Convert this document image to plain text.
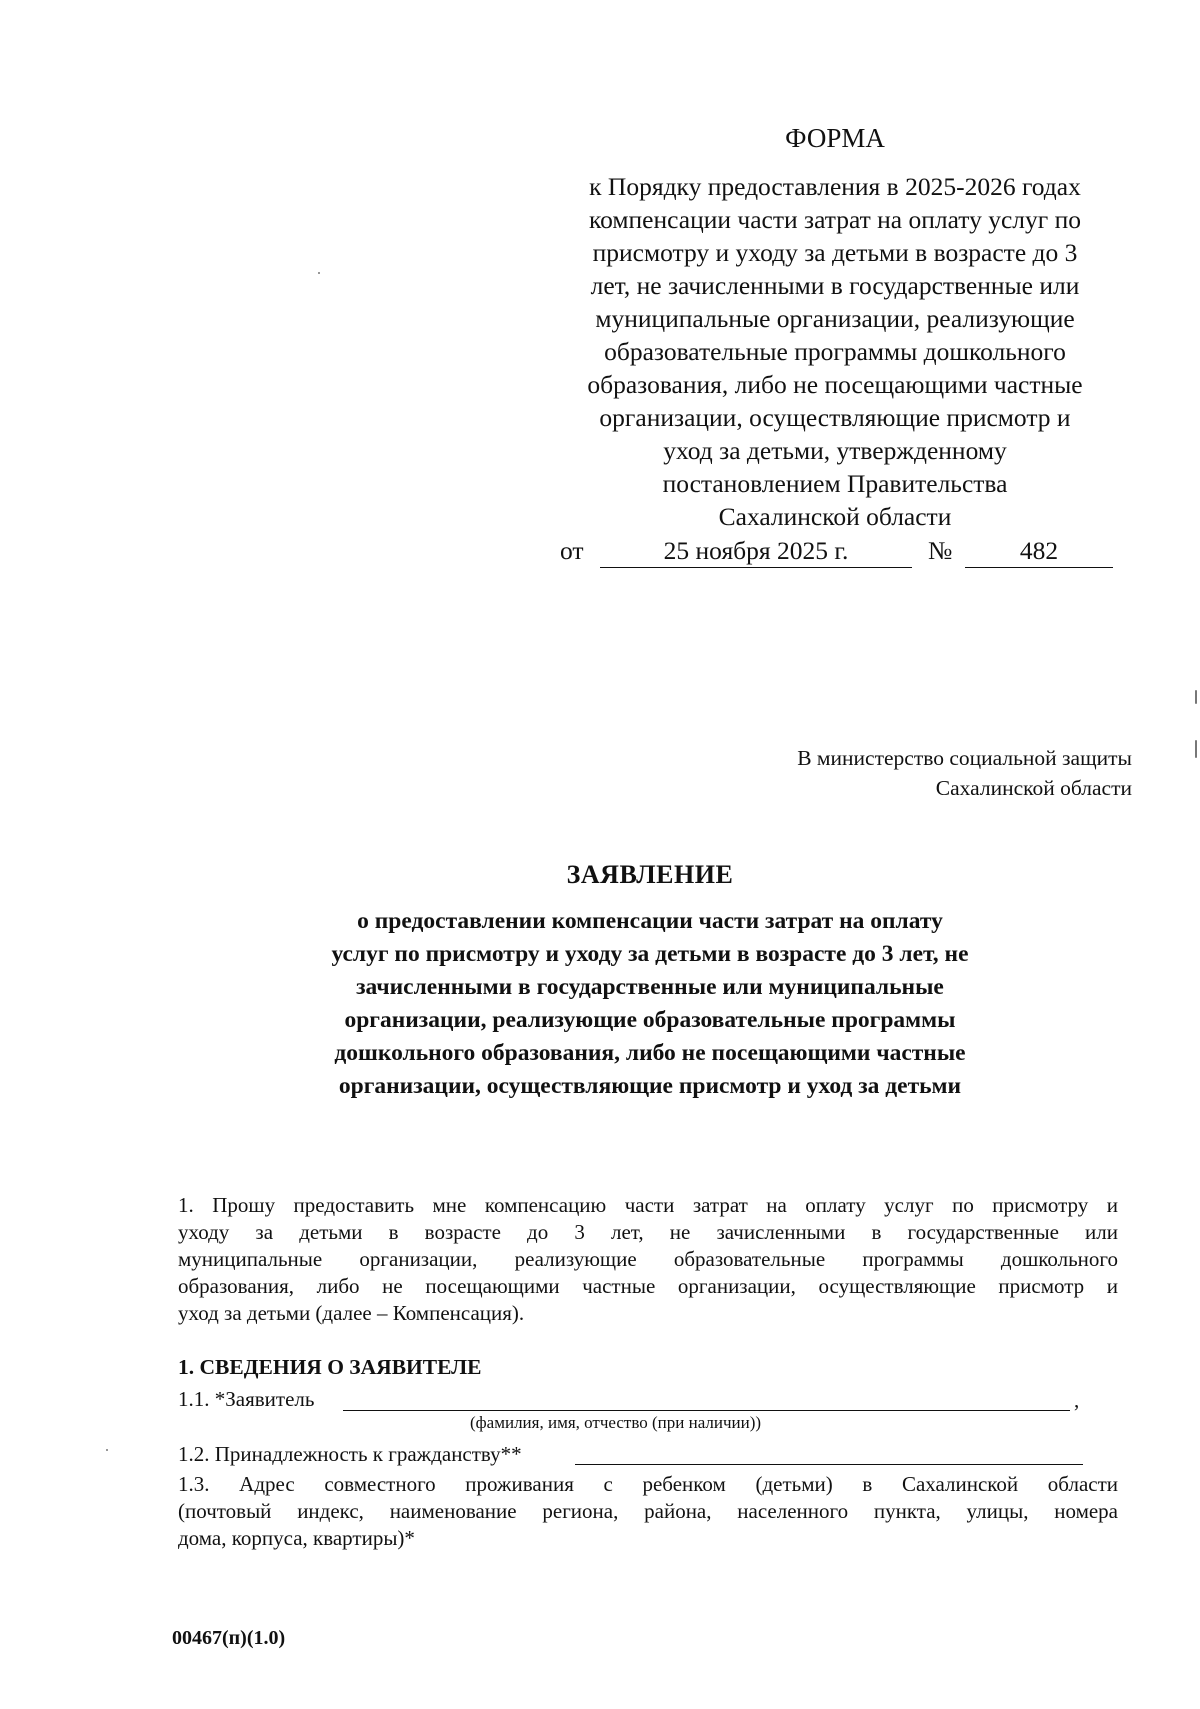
ФОРМА
к Порядку предоставления в 2025-2026 годах
компенсации части затрат на оплату услуг по
присмотру и уходу за детьми в возрасте до 3
лет, не зачисленными в государственные или
муниципальные организации, реализующие
образовательные программы дошкольного
образования, либо не посещающими частные
организации, осуществляющие присмотр и
уход за детьми, утвержденному
постановлением Правительства
Сахалинской области
от	25 ноября 2025 г.	№	482
В министерство социальной защиты
Сахалинской области
ЗАЯВЛЕНИЕ
о предоставлении компенсации части затрат на оплату
услуг по присмотру и уходу за детьми в возрасте до 3 лет, не
зачисленными в государственные или муниципальные
организации, реализующие образовательные программы
дошкольного образования, либо не посещающими частные
организации, осуществляющие присмотр и уход за детьми
1. Прошу предоставить мне компенсацию части затрат на оплату услуг по присмотру и
уходу за детьми в возрасте до 3 лет, не зачисленными в государственные или
муниципальные организации, реализующие образовательные программы дошкольного
образования, либо не посещающими частные организации, осуществляющие присмотр и
уход за детьми (далее – Компенсация).
1. СВЕДЕНИЯ О ЗАЯВИТЕЛЕ
1.1. *Заявитель	,
(фамилия, имя, отчество (при наличии))
1.2. Принадлежность к гражданству**
1.3. Адрес совместного проживания с ребенком (детьми) в Сахалинской области
(почтовый индекс, наименование региона, района, населенного пункта, улицы, номера
дома, корпуса, квартиры)*
00467(п)(1.0)
